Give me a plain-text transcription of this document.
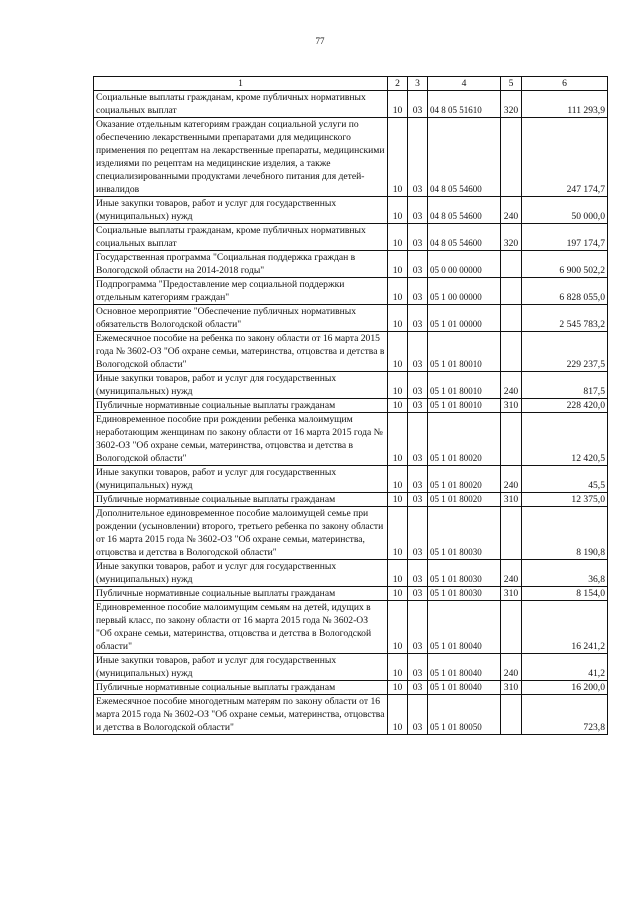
77
1	2	3	4	5	6
Социальные выплаты гражданам, кроме публичных нормативных социальных выплат	10	03	04 8 05 51610	320	111 293,9
Оказание отдельным категориям граждан социальной услуги по обеспечению лекарственными препаратами для медицинского применения по рецептам на лекарственные препараты, медицинскими изделиями по рецептам на медицинские изделия, а также специализированными продуктами лечебного питания для детей-инвалидов	10	03	04 8 05 54600		247 174,7
Иные закупки товаров, работ и услуг для государственных (муниципальных) нужд	10	03	04 8 05 54600	240	50 000,0
Социальные выплаты гражданам, кроме публичных нормативных социальных выплат	10	03	04 8 05 54600	320	197 174,7
Государственная программа "Социальная поддержка граждан в Вологодской области на 2014-2018 годы"	10	03	05 0 00 00000		6 900 502,2
Подпрограмма "Предоставление мер социальной поддержки отдельным категориям граждан"	10	03	05 1 00 00000		6 828 055,0
Основное мероприятие "Обеспечение публичных нормативных обязательств Вологодской области"	10	03	05 1 01 00000		2 545 783,2
Ежемесячное пособие на ребенка по закону области от 16 марта 2015 года № 3602-ОЗ "Об охране семьи, материнства, отцовства и детства в Вологодской области"	10	03	05 1 01 80010		229 237,5
Иные закупки товаров, работ и услуг для государственных (муниципальных) нужд	10	03	05 1 01 80010	240	817,5
Публичные нормативные социальные выплаты гражданам	10	03	05 1 01 80010	310	228 420,0
Единовременное пособие при рождении ребенка малоимущим неработающим женщинам по закону области от 16 марта 2015 года № 3602-ОЗ "Об охране семьи, материнства, отцовства и детства в Вологодской области"	10	03	05 1 01 80020		12 420,5
Иные закупки товаров, работ и услуг для государственных (муниципальных) нужд	10	03	05 1 01 80020	240	45,5
Публичные нормативные социальные выплаты гражданам	10	03	05 1 01 80020	310	12 375,0
Дополнительное единовременное пособие малоимущей семье при рождении (усыновлении) второго, третьего ребенка по закону области от 16 марта 2015 года № 3602-ОЗ "Об охране семьи, материнства, отцовства и детства в Вологодской области"	10	03	05 1 01 80030		8 190,8
Иные закупки товаров, работ и услуг для государственных (муниципальных) нужд	10	03	05 1 01 80030	240	36,8
Публичные нормативные социальные выплаты гражданам	10	03	05 1 01 80030	310	8 154,0
Единовременное пособие малоимущим семьям на детей, идущих в первый класс, по закону области от 16 марта 2015 года № 3602-ОЗ "Об охране семьи, материнства, отцовства и детства в Вологодской области"	10	03	05 1 01 80040		16 241,2
Иные закупки товаров, работ и услуг для государственных (муниципальных) нужд	10	03	05 1 01 80040	240	41,2
Публичные нормативные социальные выплаты гражданам	10	03	05 1 01 80040	310	16 200,0
Ежемесячное пособие многодетным матерям по закону области от 16 марта 2015 года № 3602-ОЗ "Об охране семьи, материнства, отцовства и детства в Вологодской области"	10	03	05 1 01 80050		723,8
